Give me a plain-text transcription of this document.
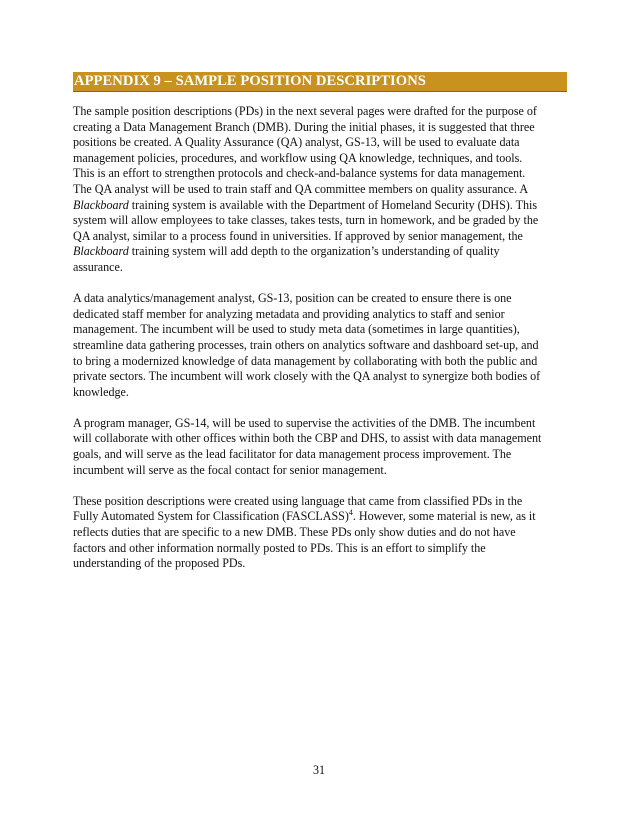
APPENDIX 9 – SAMPLE POSITION DESCRIPTIONS
The sample position descriptions (PDs) in the next several pages were drafted for the purpose of
creating a Data Management Branch (DMB). During the initial phases, it is suggested that three
positions be created. A Quality Assurance (QA) analyst, GS-13, will be used to evaluate data
management policies, procedures, and workflow using QA knowledge, techniques, and tools.
This is an effort to strengthen protocols and check-and-balance systems for data management.
The QA analyst will be used to train staff and QA committee members on quality assurance. A
Blackboard training system is available with the Department of Homeland Security (DHS). This
system will allow employees to take classes, takes tests, turn in homework, and be graded by the
QA analyst, similar to a process found in universities. If approved by senior management, the
Blackboard training system will add depth to the organization’s understanding of quality
assurance.
A data analytics/management analyst, GS-13, position can be created to ensure there is one
dedicated staff member for analyzing metadata and providing analytics to staff and senior
management. The incumbent will be used to study meta data (sometimes in large quantities),
streamline data gathering processes, train others on analytics software and dashboard set-up, and
to bring a modernized knowledge of data management by collaborating with both the public and
private sectors. The incumbent will work closely with the QA analyst to synergize both bodies of
knowledge.
A program manager, GS-14, will be used to supervise the activities of the DMB. The incumbent
will collaborate with other offices within both the CBP and DHS, to assist with data management
goals, and will serve as the lead facilitator for data management process improvement. The
incumbent will serve as the focal contact for senior management.
These position descriptions were created using language that came from classified PDs in the
Fully Automated System for Classification (FASCLASS)$^4$. However, some material is new, as it
reflects duties that are specific to a new DMB. These PDs only show duties and do not have
factors and other information normally posted to PDs. This is an effort to simplify the
understanding of the proposed PDs.
31
